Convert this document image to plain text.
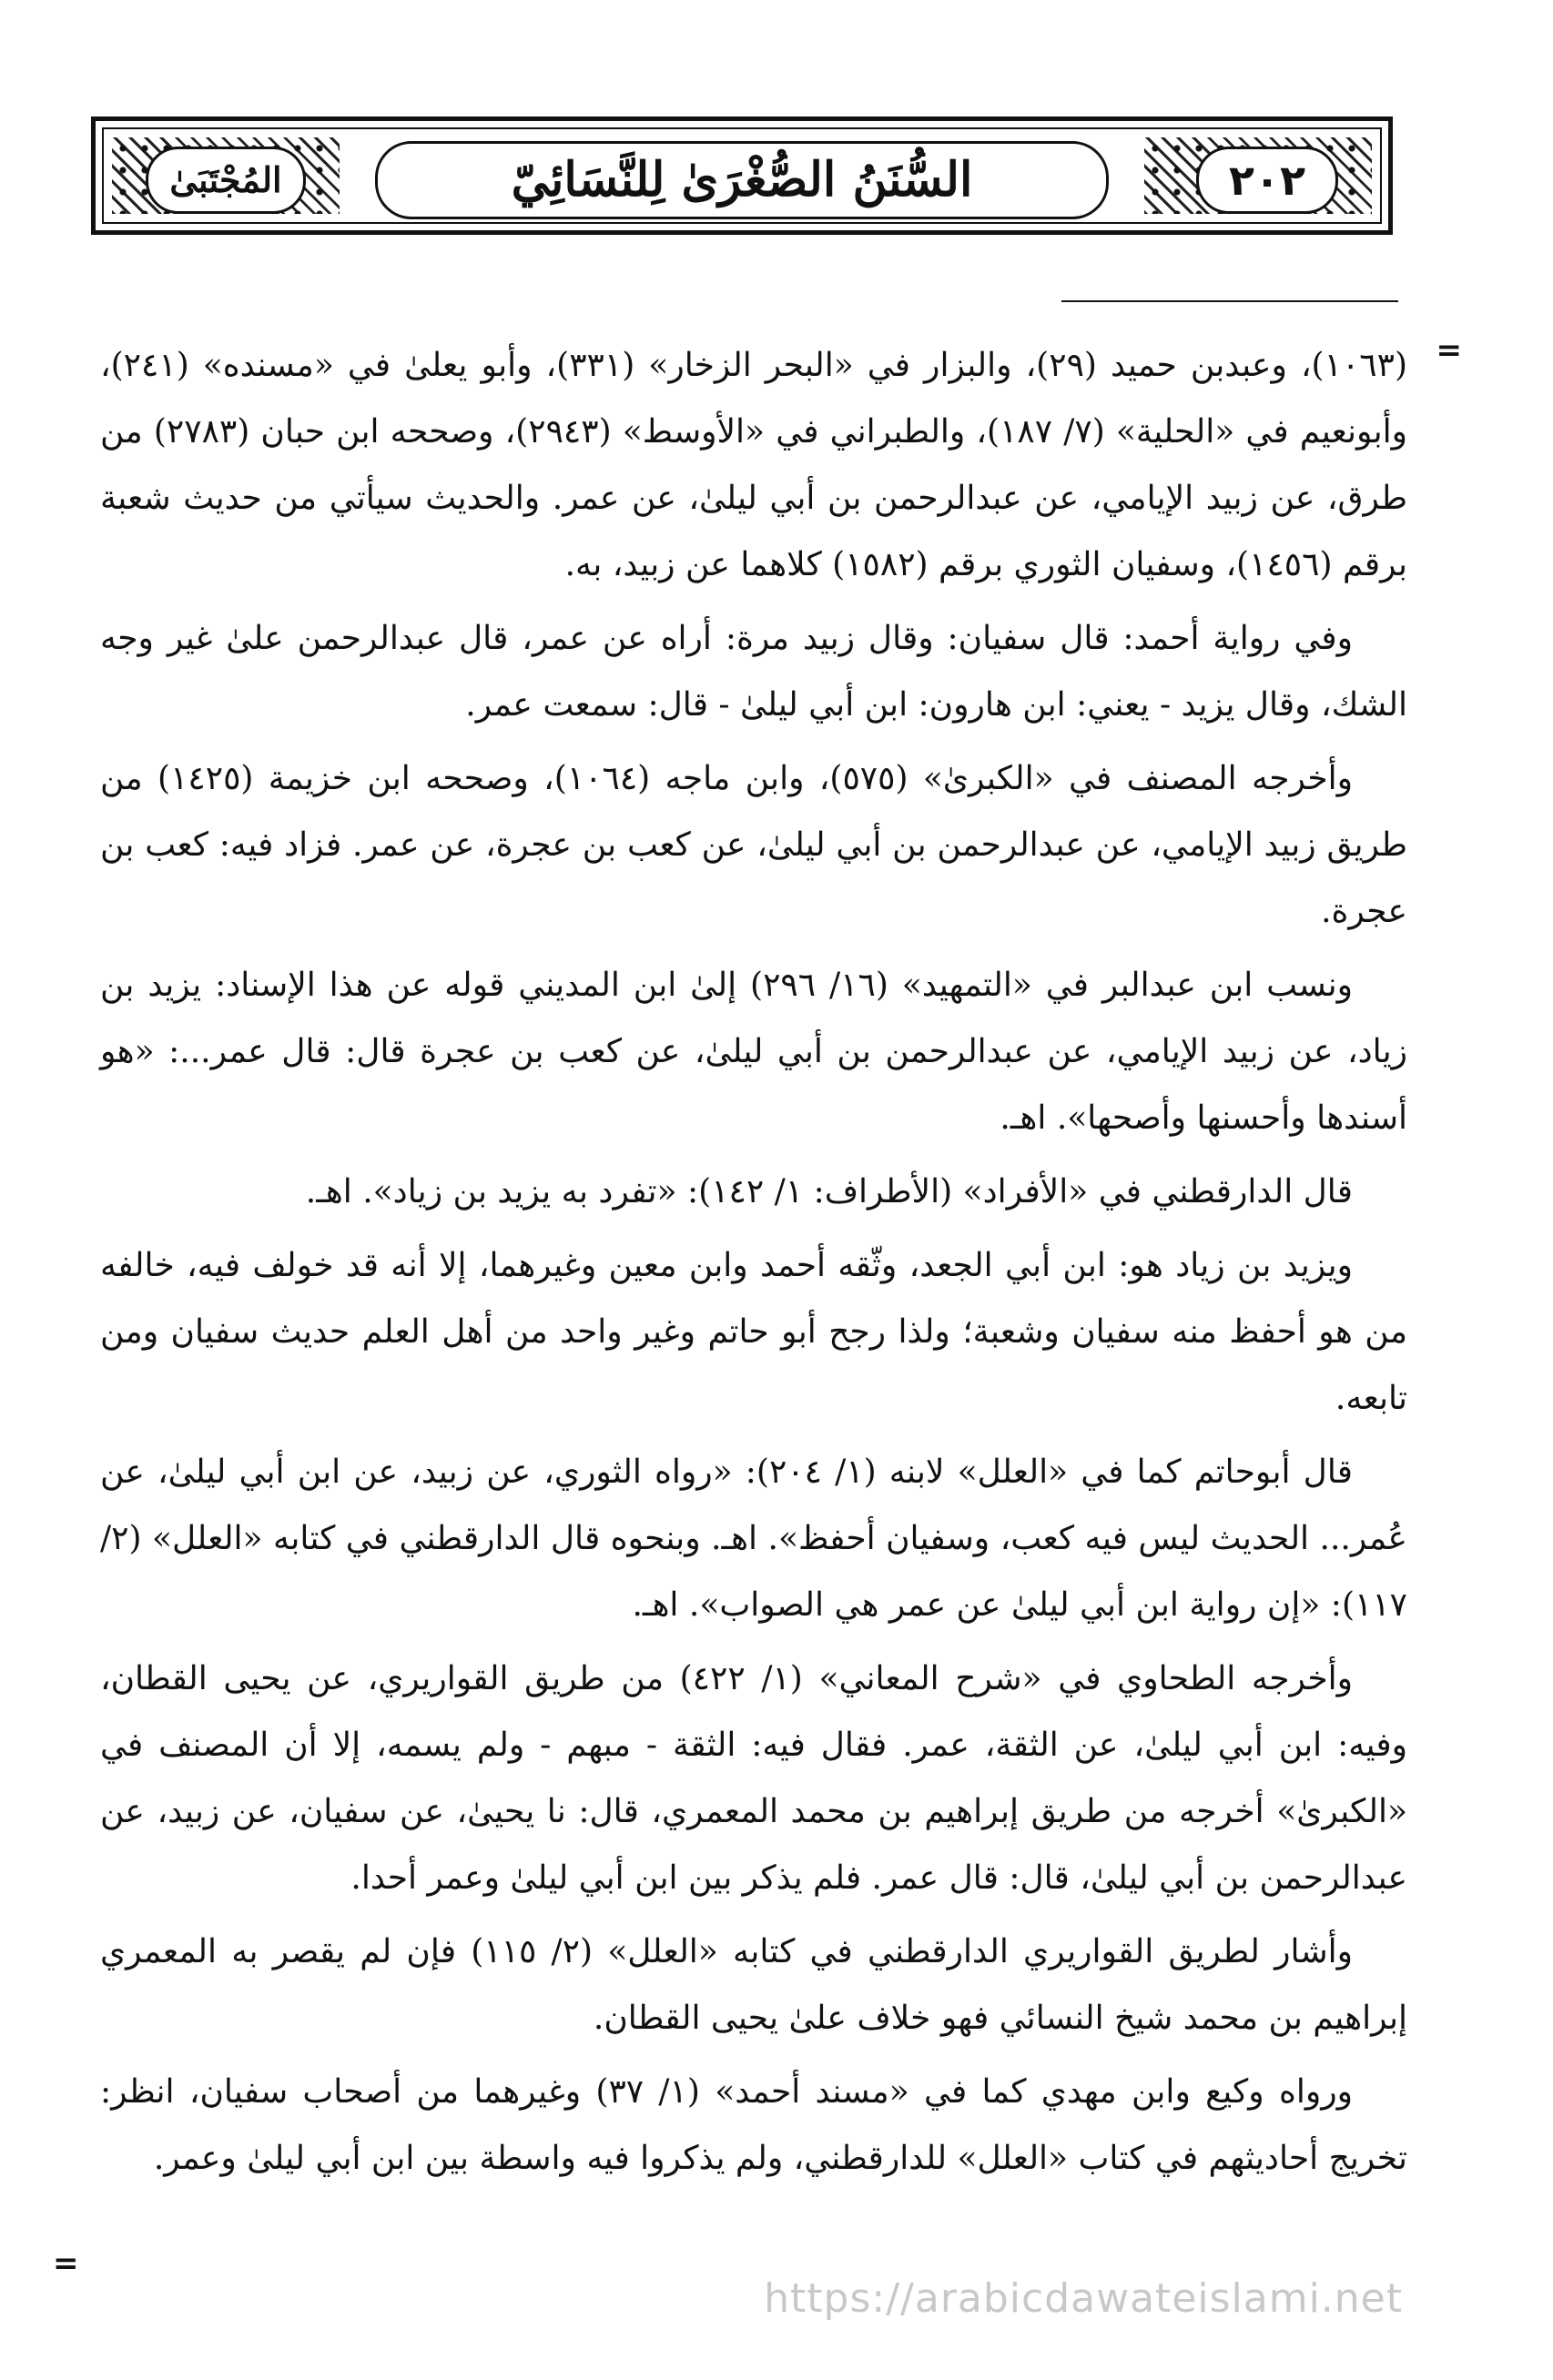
٢٠٢
السُّنَنُ الصُّغْرَىٰ لِلنَّسَائِيّ
المُجْتَبَىٰ
=
=

(١٠٦٣)، وعبدبن حميد (٢٩)، والبزار في «البحر الزخار» (٣٣١)، وأبو يعلىٰ في «مسنده» (٢٤١)، وأبونعيم في «الحلية» (٧/ ١٨٧)، والطبراني في «الأوسط» (٢٩٤٣)، وصححه ابن حبان (٢٧٨٣) من طرق، عن زبيد الإيامي، عن عبدالرحمن بن أبي ليلىٰ، عن عمر. والحديث سيأتي من حديث شعبة برقم (١٤٥٦)، وسفيان الثوري برقم (١٥٨٢) كلاهما عن زبيد، به.

وفي رواية أحمد: قال سفيان: وقال زبيد مرة: أراه عن عمر، قال عبدالرحمن علىٰ غير وجه الشك، وقال يزيد - يعني: ابن هارون: ابن أبي ليلىٰ - قال: سمعت عمر.

وأخرجه المصنف في «الكبرىٰ» (٥٧٥)، وابن ماجه (١٠٦٤)، وصححه ابن خزيمة (١٤٢٥) من طريق زبيد الإيامي، عن عبدالرحمن بن أبي ليلىٰ، عن كعب بن عجرة، عن عمر. فزاد فيه: كعب بن عجرة.

ونسب ابن عبدالبر في «التمهيد» (١٦/ ٢٩٦) إلىٰ ابن المديني قوله عن هذا الإسناد: يزيد بن زياد، عن زبيد الإيامي، عن عبدالرحمن بن أبي ليلىٰ، عن كعب بن عجرة قال: قال عمر...: «هو أسندها وأحسنها وأصحها». اهـ.

قال الدارقطني في «الأفراد» (الأطراف: ١/ ١٤٢): «تفرد به يزيد بن زياد». اهـ.

ويزيد بن زياد هو: ابن أبي الجعد، وثّقه أحمد وابن معين وغيرهما، إلا أنه قد خولف فيه، خالفه من هو أحفظ منه سفيان وشعبة؛ ولذا رجح أبو حاتم وغير واحد من أهل العلم حديث سفيان ومن تابعه.

قال أبوحاتم كما في «العلل» لابنه (١/ ٢٠٤): «رواه الثوري، عن زبيد، عن ابن أبي ليلىٰ، عن عُمر... الحديث ليس فيه كعب، وسفيان أحفظ». اهـ. وبنحوه قال الدارقطني في كتابه «العلل» (٢/ ١١٧): «إن رواية ابن أبي ليلىٰ عن عمر هي الصواب». اهـ.

وأخرجه الطحاوي في «شرح المعاني» (١/ ٤٢٢) من طريق القواريري، عن يحيى القطان، وفيه: ابن أبي ليلىٰ، عن الثقة، عمر. فقال فيه: الثقة - مبهم - ولم يسمه، إلا أن المصنف في «الكبرىٰ» أخرجه من طريق إبراهيم بن محمد المعمري، قال: نا يحيىٰ، عن سفيان، عن زبيد، عن عبدالرحمن بن أبي ليلىٰ، قال: قال عمر. فلم يذكر بين ابن أبي ليلىٰ وعمر أحدا.

وأشار لطريق القواريري الدارقطني في كتابه «العلل» (٢/ ١١٥) فإن لم يقصر به المعمري إبراهيم بن محمد شيخ النسائي فهو خلاف علىٰ يحيى القطان.

ورواه وكيع وابن مهدي كما في «مسند أحمد» (١/ ٣٧) وغيرهما من أصحاب سفيان، انظر: تخريج أحاديثهم في كتاب «العلل» للدارقطني، ولم يذكروا فيه واسطة بين ابن أبي ليلىٰ وعمر.

https://arabicdawateislami.net
